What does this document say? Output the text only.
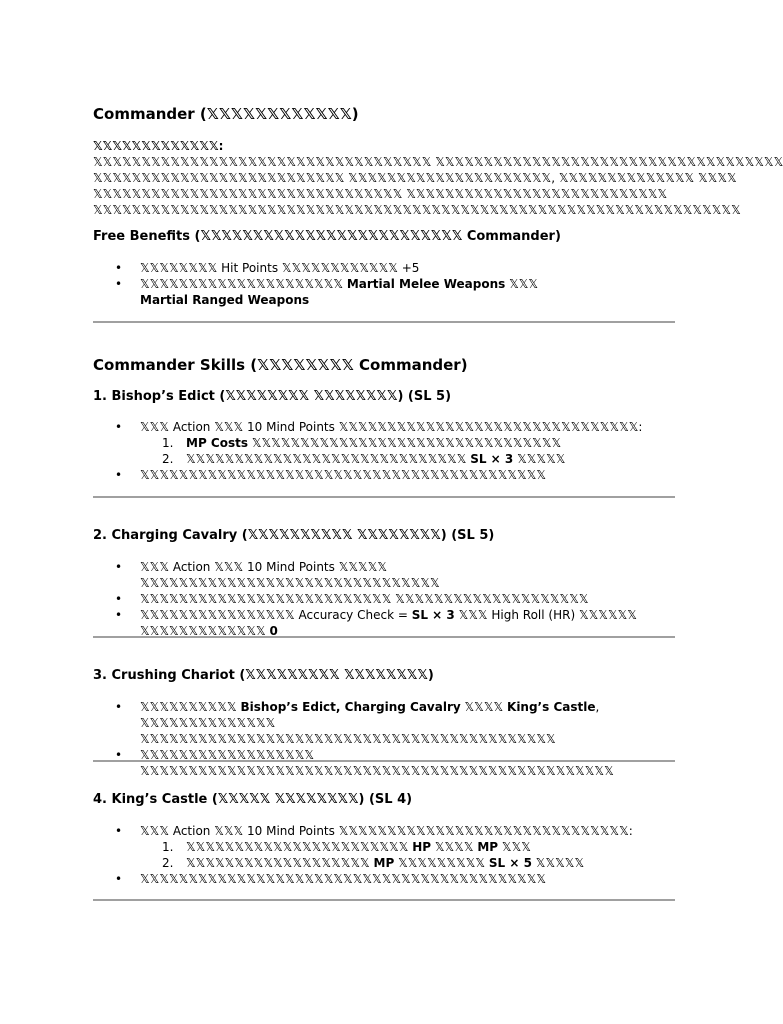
Commander (𝕏𝕏𝕏𝕏𝕏𝕏𝕏𝕏𝕏𝕏𝕏𝕏)
𝕏𝕏𝕏𝕏𝕏𝕏𝕏𝕏𝕏𝕏𝕏𝕏𝕏:
𝕏𝕏𝕏𝕏𝕏𝕏𝕏𝕏𝕏𝕏𝕏𝕏𝕏𝕏𝕏𝕏𝕏𝕏𝕏𝕏𝕏𝕏𝕏𝕏𝕏𝕏𝕏𝕏𝕏𝕏𝕏𝕏𝕏𝕏𝕏 𝕏𝕏𝕏𝕏𝕏𝕏𝕏𝕏𝕏𝕏𝕏𝕏𝕏𝕏𝕏𝕏𝕏𝕏𝕏𝕏𝕏𝕏𝕏𝕏𝕏𝕏𝕏𝕏𝕏𝕏𝕏𝕏𝕏𝕏𝕏𝕏
𝕏𝕏𝕏𝕏𝕏𝕏𝕏𝕏𝕏𝕏𝕏𝕏𝕏𝕏𝕏𝕏𝕏𝕏𝕏𝕏𝕏𝕏𝕏𝕏𝕏𝕏 𝕏𝕏𝕏𝕏𝕏𝕏𝕏𝕏𝕏𝕏𝕏𝕏𝕏𝕏𝕏𝕏𝕏𝕏𝕏𝕏𝕏, 𝕏𝕏𝕏𝕏𝕏𝕏𝕏𝕏𝕏𝕏𝕏𝕏𝕏𝕏 𝕏𝕏𝕏𝕏
𝕏𝕏𝕏𝕏𝕏𝕏𝕏𝕏𝕏𝕏𝕏𝕏𝕏𝕏𝕏𝕏𝕏𝕏𝕏𝕏𝕏𝕏𝕏𝕏𝕏𝕏𝕏𝕏𝕏𝕏𝕏𝕏 𝕏𝕏𝕏𝕏𝕏𝕏𝕏𝕏𝕏𝕏𝕏𝕏𝕏𝕏𝕏𝕏𝕏𝕏𝕏𝕏𝕏𝕏𝕏𝕏𝕏𝕏𝕏
𝕏𝕏𝕏𝕏𝕏𝕏𝕏𝕏𝕏𝕏𝕏𝕏𝕏𝕏𝕏𝕏𝕏𝕏𝕏𝕏𝕏𝕏𝕏𝕏𝕏𝕏𝕏𝕏𝕏𝕏𝕏𝕏𝕏𝕏𝕏𝕏𝕏𝕏𝕏𝕏𝕏𝕏𝕏𝕏𝕏𝕏𝕏𝕏𝕏𝕏𝕏𝕏𝕏𝕏𝕏𝕏𝕏𝕏𝕏𝕏𝕏𝕏𝕏𝕏𝕏𝕏𝕏
Free Benefits (𝕏𝕏𝕏𝕏𝕏𝕏𝕏𝕏𝕏𝕏𝕏𝕏𝕏𝕏𝕏𝕏𝕏𝕏𝕏𝕏𝕏𝕏𝕏𝕏𝕏 Commander)
• 𝕏𝕏𝕏𝕏𝕏𝕏𝕏𝕏 Hit Points 𝕏𝕏𝕏𝕏𝕏𝕏𝕏𝕏𝕏𝕏𝕏𝕏 +5
• 𝕏𝕏𝕏𝕏𝕏𝕏𝕏𝕏𝕏𝕏𝕏𝕏𝕏𝕏𝕏𝕏𝕏𝕏𝕏𝕏𝕏 Martial Melee Weapons 𝕏𝕏𝕏
Martial Ranged Weapons
Commander Skills (𝕏𝕏𝕏𝕏𝕏𝕏𝕏𝕏 Commander)
1. Bishop’s Edict (𝕏𝕏𝕏𝕏𝕏𝕏𝕏𝕏 𝕏𝕏𝕏𝕏𝕏𝕏𝕏𝕏) (SL 5)
• 𝕏𝕏𝕏 Action 𝕏𝕏𝕏 10 Mind Points 𝕏𝕏𝕏𝕏𝕏𝕏𝕏𝕏𝕏𝕏𝕏𝕏𝕏𝕏𝕏𝕏𝕏𝕏𝕏𝕏𝕏𝕏𝕏𝕏𝕏𝕏𝕏𝕏𝕏𝕏𝕏:
1. MP Costs 𝕏𝕏𝕏𝕏𝕏𝕏𝕏𝕏𝕏𝕏𝕏𝕏𝕏𝕏𝕏𝕏𝕏𝕏𝕏𝕏𝕏𝕏𝕏𝕏𝕏𝕏𝕏𝕏𝕏𝕏𝕏𝕏
2. 𝕏𝕏𝕏𝕏𝕏𝕏𝕏𝕏𝕏𝕏𝕏𝕏𝕏𝕏𝕏𝕏𝕏𝕏𝕏𝕏𝕏𝕏𝕏𝕏𝕏𝕏𝕏𝕏𝕏 SL × 3 𝕏𝕏𝕏𝕏𝕏
• 𝕏𝕏𝕏𝕏𝕏𝕏𝕏𝕏𝕏𝕏𝕏𝕏𝕏𝕏𝕏𝕏𝕏𝕏𝕏𝕏𝕏𝕏𝕏𝕏𝕏𝕏𝕏𝕏𝕏𝕏𝕏𝕏𝕏𝕏𝕏𝕏𝕏𝕏𝕏𝕏𝕏𝕏
2. Charging Cavalry (𝕏𝕏𝕏𝕏𝕏𝕏𝕏𝕏𝕏𝕏 𝕏𝕏𝕏𝕏𝕏𝕏𝕏𝕏) (SL 5)
• 𝕏𝕏𝕏 Action 𝕏𝕏𝕏 10 Mind Points 𝕏𝕏𝕏𝕏𝕏 𝕏𝕏𝕏𝕏𝕏𝕏𝕏𝕏𝕏𝕏𝕏𝕏𝕏𝕏𝕏𝕏𝕏𝕏𝕏𝕏𝕏𝕏𝕏𝕏𝕏𝕏𝕏𝕏𝕏𝕏𝕏
• 𝕏𝕏𝕏𝕏𝕏𝕏𝕏𝕏𝕏𝕏𝕏𝕏𝕏𝕏𝕏𝕏𝕏𝕏𝕏𝕏𝕏𝕏𝕏𝕏𝕏𝕏 𝕏𝕏𝕏𝕏𝕏𝕏𝕏𝕏𝕏𝕏𝕏𝕏𝕏𝕏𝕏𝕏𝕏𝕏𝕏𝕏
• 𝕏𝕏𝕏𝕏𝕏𝕏𝕏𝕏𝕏𝕏𝕏𝕏𝕏𝕏𝕏𝕏 Accuracy Check = SL × 3 𝕏𝕏𝕏 High Roll (HR) 𝕏𝕏𝕏𝕏𝕏𝕏
𝕏𝕏𝕏𝕏𝕏𝕏𝕏𝕏𝕏𝕏𝕏𝕏𝕏 0
3. Crushing Chariot (𝕏𝕏𝕏𝕏𝕏𝕏𝕏𝕏𝕏 𝕏𝕏𝕏𝕏𝕏𝕏𝕏𝕏)
• 𝕏𝕏𝕏𝕏𝕏𝕏𝕏𝕏𝕏𝕏 Bishop’s Edict, Charging Cavalry 𝕏𝕏𝕏𝕏 King’s Castle,
𝕏𝕏𝕏𝕏𝕏𝕏𝕏𝕏𝕏𝕏𝕏𝕏𝕏𝕏 𝕏𝕏𝕏𝕏𝕏𝕏𝕏𝕏𝕏𝕏𝕏𝕏𝕏𝕏𝕏𝕏𝕏𝕏𝕏𝕏𝕏𝕏𝕏𝕏𝕏𝕏𝕏𝕏𝕏𝕏𝕏𝕏𝕏𝕏𝕏𝕏𝕏𝕏𝕏𝕏𝕏𝕏𝕏
• 𝕏𝕏𝕏𝕏𝕏𝕏𝕏𝕏𝕏𝕏𝕏𝕏𝕏𝕏𝕏𝕏𝕏𝕏 𝕏𝕏𝕏𝕏𝕏𝕏𝕏𝕏𝕏𝕏𝕏𝕏𝕏𝕏𝕏𝕏𝕏𝕏𝕏𝕏𝕏𝕏𝕏𝕏𝕏𝕏𝕏𝕏𝕏𝕏𝕏𝕏𝕏𝕏𝕏𝕏𝕏𝕏𝕏𝕏𝕏𝕏𝕏𝕏𝕏𝕏𝕏𝕏𝕏
4. King’s Castle (𝕏𝕏𝕏𝕏𝕏 𝕏𝕏𝕏𝕏𝕏𝕏𝕏𝕏) (SL 4)
• 𝕏𝕏𝕏 Action 𝕏𝕏𝕏 10 Mind Points 𝕏𝕏𝕏𝕏𝕏𝕏𝕏𝕏𝕏𝕏𝕏𝕏𝕏𝕏𝕏𝕏𝕏𝕏𝕏𝕏𝕏𝕏𝕏𝕏𝕏𝕏𝕏𝕏𝕏𝕏:
1. 𝕏𝕏𝕏𝕏𝕏𝕏𝕏𝕏𝕏𝕏𝕏𝕏𝕏𝕏𝕏𝕏𝕏𝕏𝕏𝕏𝕏𝕏𝕏 HP 𝕏𝕏𝕏𝕏 MP 𝕏𝕏𝕏
2. 𝕏𝕏𝕏𝕏𝕏𝕏𝕏𝕏𝕏𝕏𝕏𝕏𝕏𝕏𝕏𝕏𝕏𝕏𝕏 MP 𝕏𝕏𝕏𝕏𝕏𝕏𝕏𝕏𝕏 SL × 5 𝕏𝕏𝕏𝕏𝕏
• 𝕏𝕏𝕏𝕏𝕏𝕏𝕏𝕏𝕏𝕏𝕏𝕏𝕏𝕏𝕏𝕏𝕏𝕏𝕏𝕏𝕏𝕏𝕏𝕏𝕏𝕏𝕏𝕏𝕏𝕏𝕏𝕏𝕏𝕏𝕏𝕏𝕏𝕏𝕏𝕏𝕏𝕏
